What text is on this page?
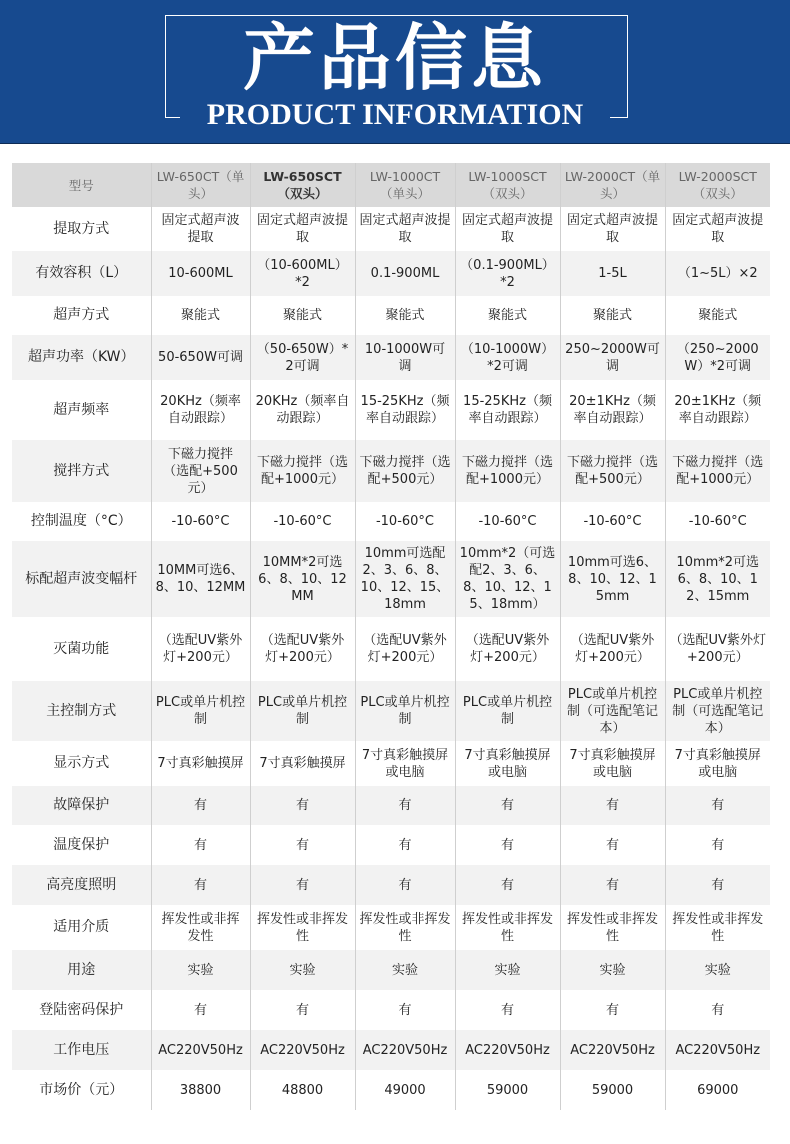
产品信息
PRODUCT INFORMATION
型号	LW-650CT（单头）	LW-650SCT（双头）	LW-1000CT（单头）	LW-1000SCT（双头）	LW-2000CT（单头）	LW-2000SCT（双头）
提取方式	固定式超声波提取	固定式超声波提取	固定式超声波提取	固定式超声波提取	固定式超声波提取	固定式超声波提取
有效容积（L）	10-600ML	（10-600ML）*2	0.1-900ML	（0.1-900ML）*2	1-5L	（1~5L）×2
超声方式	聚能式	聚能式	聚能式	聚能式	聚能式	聚能式
超声功率（KW）	50-650W可调	（50-650W）*2可调	10-1000W可调	（10-1000W）*2可调	250~2000W可调	（250~2000W）*2可调
超声频率	20KHz（频率自动跟踪）	20KHz（频率自动跟踪）	15-25KHz（频率自动跟踪）	15-25KHz（频率自动跟踪）	20±1KHz（频率自动跟踪）	20±1KHz（频率自动跟踪）
搅拌方式	下磁力搅拌（选配+500元）	下磁力搅拌（选配+1000元）	下磁力搅拌（选配+500元）	下磁力搅拌（选配+1000元）	下磁力搅拌（选配+500元）	下磁力搅拌（选配+1000元）
控制温度（°C）	-10-60°C	-10-60°C	-10-60°C	-10-60°C	-10-60°C	-10-60°C
标配超声波变幅杆	10MM可选6、8、10、12MM	10MM*2可选6、8、10、12MM	10mm可选配2、3、6、8、10、12、15、18mm	10mm*2（可选配2、3、6、8、10、12、15、18mm）	10mm可选6、8、10、12、15mm	10mm*2可选6、8、10、12、15mm
灭菌功能	（选配UV紫外灯+200元）	（选配UV紫外灯+200元）	（选配UV紫外灯+200元）	（选配UV紫外灯+200元）	（选配UV紫外灯+200元）	（选配UV紫外灯+200元）
主控制方式	PLC或单片机控制	PLC或单片机控制	PLC或单片机控制	PLC或单片机控制	PLC或单片机控制（可选配笔记本）	PLC或单片机控制（可选配笔记本）
显示方式	7寸真彩触摸屏	7寸真彩触摸屏	7寸真彩触摸屏或电脑	7寸真彩触摸屏或电脑	7寸真彩触摸屏或电脑	7寸真彩触摸屏或电脑
故障保护	有	有	有	有	有	有
温度保护	有	有	有	有	有	有
高亮度照明	有	有	有	有	有	有
适用介质	挥发性或非挥发性	挥发性或非挥发性	挥发性或非挥发性	挥发性或非挥发性	挥发性或非挥发性	挥发性或非挥发性
用途	实验	实验	实验	实验	实验	实验
登陆密码保护	有	有	有	有	有	有
工作电压	AC220V50Hz	AC220V50Hz	AC220V50Hz	AC220V50Hz	AC220V50Hz	AC220V50Hz
市场价（元）	38800	48800	49000	59000	59000	69000
